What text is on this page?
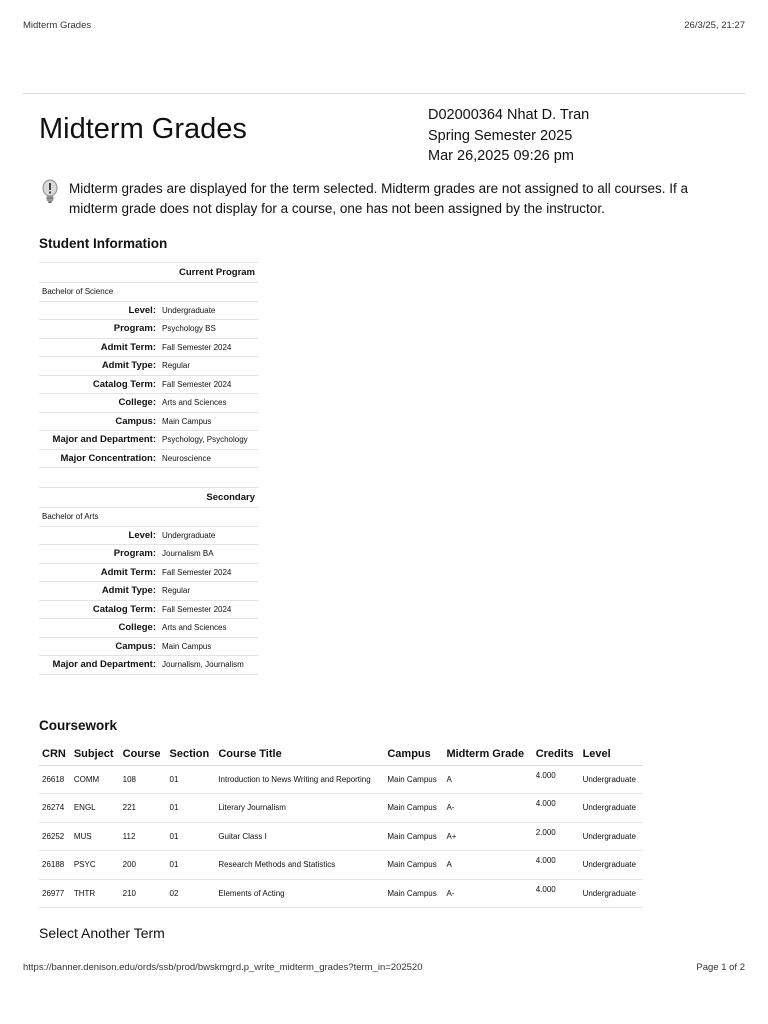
Midterm Grades	26/3/25, 21:27
Midterm Grades	D02000364 Nhat D. Tran
Spring Semester 2025
Mar 26,2025 09:26 pm

Midterm grades are displayed for the term selected. Midterm grades are not assigned to all courses. If a midterm grade does not display for a course, one has not been assigned by the instructor.

Student Information
Current Program	
Bachelor of Science	
Level:	Undergraduate
Program:	Psychology BS
Admit Term:	Fall Semester 2024
Admit Type:	Regular
Catalog Term:	Fall Semester 2024
College:	Arts and Sciences
Campus:	Main Campus
Major and Department:	Psychology, Psychology
Major Concentration:	Neuroscience
Secondary	
Bachelor of Arts	
Level:	Undergraduate
Program:	Journalism BA
Admit Term:	Fall Semester 2024
Admit Type:	Regular
Catalog Term:	Fall Semester 2024
College:	Arts and Sciences
Campus:	Main Campus
Major and Department:	Journalism, Journalism
Coursework
CRN	Subject	Course	Section	Course Title	Campus	Midterm Grade	Credits	Level
26618	COMM	108	01	Introduction to News Writing and Reporting	Main Campus	A	4.000	Undergraduate
26274	ENGL	221	01	Literary Journalism	Main Campus	A-	4.000	Undergraduate
26252	MUS	112	01	Guitar Class I	Main Campus	A+	2.000	Undergraduate
26188	PSYC	200	01	Research Methods and Statistics	Main Campus	A	4.000	Undergraduate
26977	THTR	210	02	Elements of Acting	Main Campus	A-	4.000	Undergraduate
Select Another Term
https://banner.denison.edu/ords/ssb/prod/bwskmgrd.p_write_midterm_grades?term_in=202520	Page 1 of 2
